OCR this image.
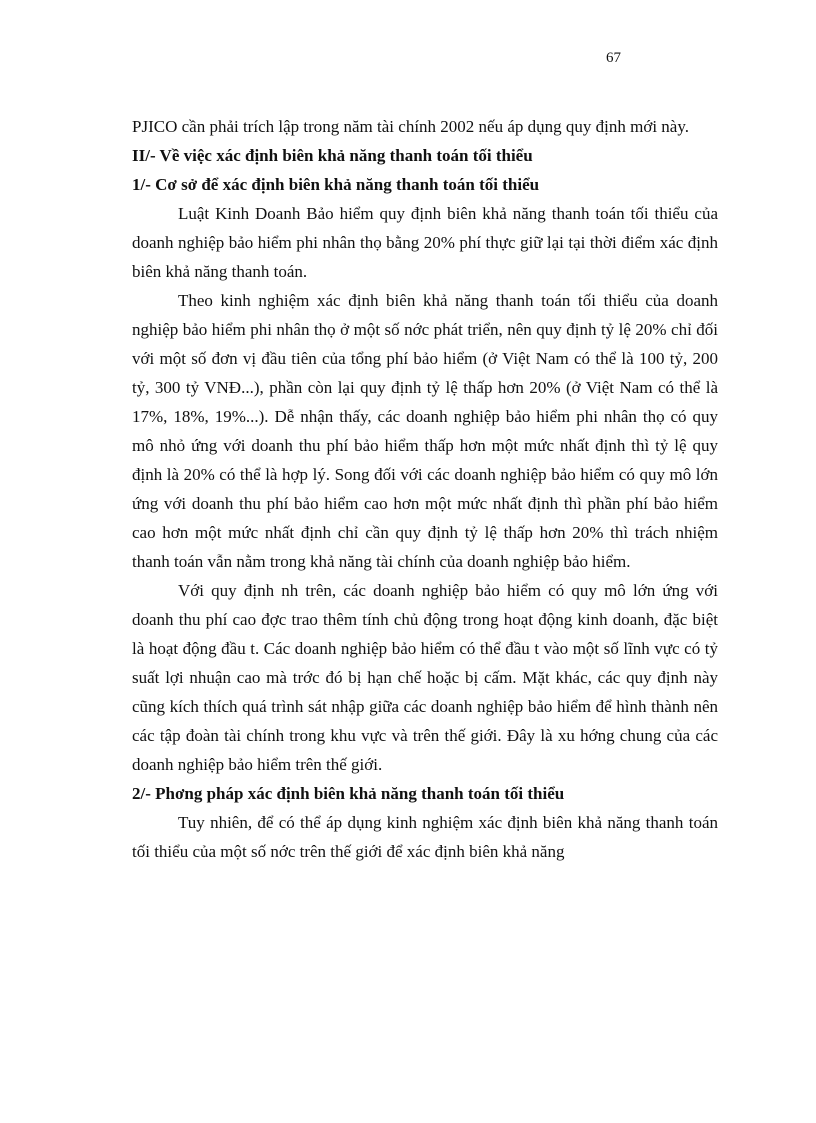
67

PJICO cần phải trích lập trong năm tài chính 2002 nếu áp dụng quy định mới này.

II/- Về việc xác định biên khả năng thanh toán tối thiểu

1/- Cơ sở để xác định biên khả năng thanh toán tối thiểu

Luật Kinh Doanh Bảo hiểm quy định biên khả năng thanh toán tối thiểu của doanh nghiệp bảo hiểm phi nhân thọ bằng 20% phí thực giữ lại tại thời điểm xác định biên khả năng thanh toán.

Theo kinh nghiệm xác định biên khả năng thanh toán tối thiểu của doanh nghiệp bảo hiểm phi nhân thọ ở một số nớc phát triển, nên quy định tỷ lệ 20% chỉ đối với một số đơn vị đầu tiên của tổng phí bảo hiểm (ở Việt Nam có thể là 100 tỷ, 200 tỷ, 300 tỷ VNĐ...), phần còn lại quy định tỷ lệ thấp hơn 20% (ở Việt Nam có thể là 17%, 18%, 19%...). Dễ nhận thấy, các doanh nghiệp bảo hiểm phi nhân thọ có quy mô nhỏ ứng với doanh thu phí bảo hiểm thấp hơn một mức nhất định thì tỷ lệ quy định là 20% có thể là hợp lý. Song đối với các doanh nghiệp bảo hiểm có quy mô lớn ứng với doanh thu phí bảo hiểm cao hơn một mức nhất định thì phần phí bảo hiểm cao hơn một mức nhất định chỉ cần quy định tỷ lệ thấp hơn 20% thì trách nhiệm thanh toán vẫn nằm trong khả năng tài chính của doanh nghiệp bảo hiểm.

Với quy định nh trên, các doanh nghiệp bảo hiểm có quy mô lớn ứng với doanh thu phí cao đợc trao thêm tính chủ động trong hoạt động kinh doanh, đặc biệt là hoạt động đầu t. Các doanh nghiệp bảo hiểm có thể đầu t vào một số lĩnh vực có tỷ suất lợi nhuận cao mà trớc đó bị hạn chế hoặc bị cấm. Mặt khác, các quy định này cũng kích thích quá trình sát nhập giữa các doanh nghiệp bảo hiểm để hình thành nên các tập đoàn tài chính trong khu vực và trên thế giới. Đây là xu hớng chung của các doanh nghiệp bảo hiểm trên thế giới.

2/- Phơng pháp xác định biên khả năng thanh toán tối thiểu

Tuy nhiên, để có thể áp dụng kinh nghiệm xác định biên khả năng thanh toán tối thiểu của một số nớc trên thế giới để xác định biên khả năng
